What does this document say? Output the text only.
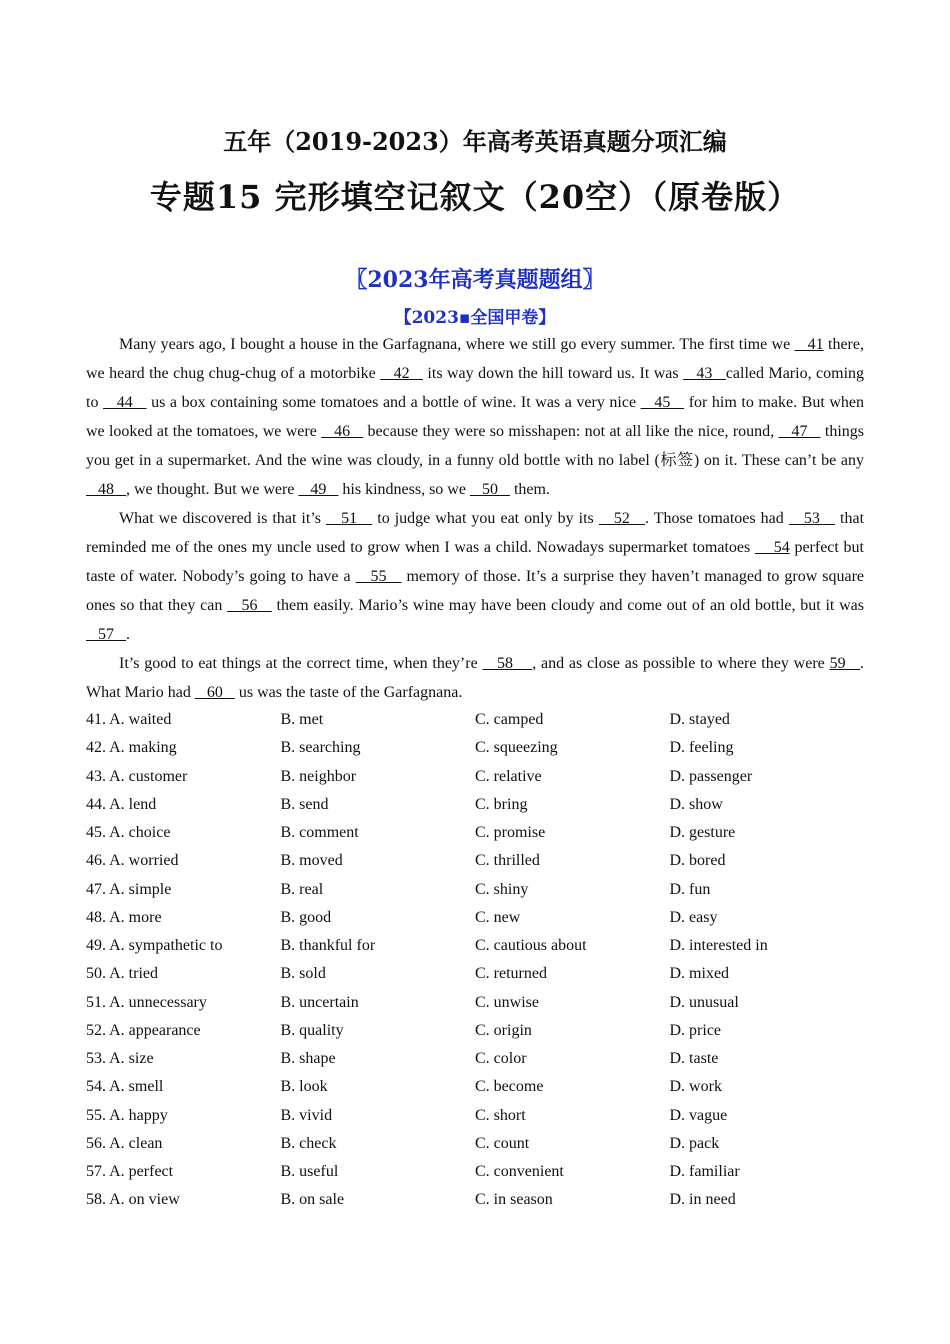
五年（2019-2023）年高考英语真题分项汇编
专题15 完形填空记叙文（20空）（原卷版）
〖2023年高考真题题组〗
【2023▪全国甲卷】

Many years ago, I bought a house in the Garfagnana, where we still go every summer. The first time we    41 there, we heard the chug chug-chug of a motorbike    42    its way down the hill toward us. It was    43   called Mario, coming to    44    us a box containing some tomatoes and a bottle of wine. It was a very nice    45    for him to make. But when we looked at the tomatoes, we were    46    because they were so misshapen: not at all like the nice, round,    47    things you get in a supermarket. And the wine was cloudy, in a funny old bottle with no label (标签) on it. These can’t be any    48   , we thought. But we were    49    his kindness, so we    50    them.

What we discovered is that it’s    51    to judge what you eat only by its    52   . Those tomatoes had    53    that reminded me of the ones my uncle used to grow when I was a child. Nowadays supermarket tomatoes     54 perfect but taste of water. Nobody’s going to have a    55    memory of those. It’s a surprise they haven’t managed to grow square ones so that they can    56    them easily. Mario’s wine may have been cloudy and come out of an old bottle, but it was    57   .

It’s good to eat things at the correct time, when they’re    58    , and as close as possible to where they were 59   . What Mario had    60    us was the taste of the Garfagnana.

41. A. waited	B. met	C. camped	D. stayed
42. A. making	B. searching	C. squeezing	D. feeling
43. A. customer	B. neighbor	C. relative	D. passenger
44. A. lend	B. send	C. bring	D. show
45. A. choice	B. comment	C. promise	D. gesture
46. A. worried	B. moved	C. thrilled	D. bored
47. A. simple	B. real	C. shiny	D. fun
48. A. more	B. good	C. new	D. easy
49. A. sympathetic to	B. thankful for	C. cautious about	D. interested in
50. A. tried	B. sold	C. returned	D. mixed
51. A. unnecessary	B. uncertain	C. unwise	D. unusual
52. A. appearance	B. quality	C. origin	D. price
53. A. size	B. shape	C. color	D. taste
54. A. smell	B. look	C. become	D. work
55. A. happy	B. vivid	C. short	D. vague
56. A. clean	B. check	C. count	D. pack
57. A. perfect	B. useful	C. convenient	D. familiar
58. A. on view	B. on sale	C. in season	D. in need
